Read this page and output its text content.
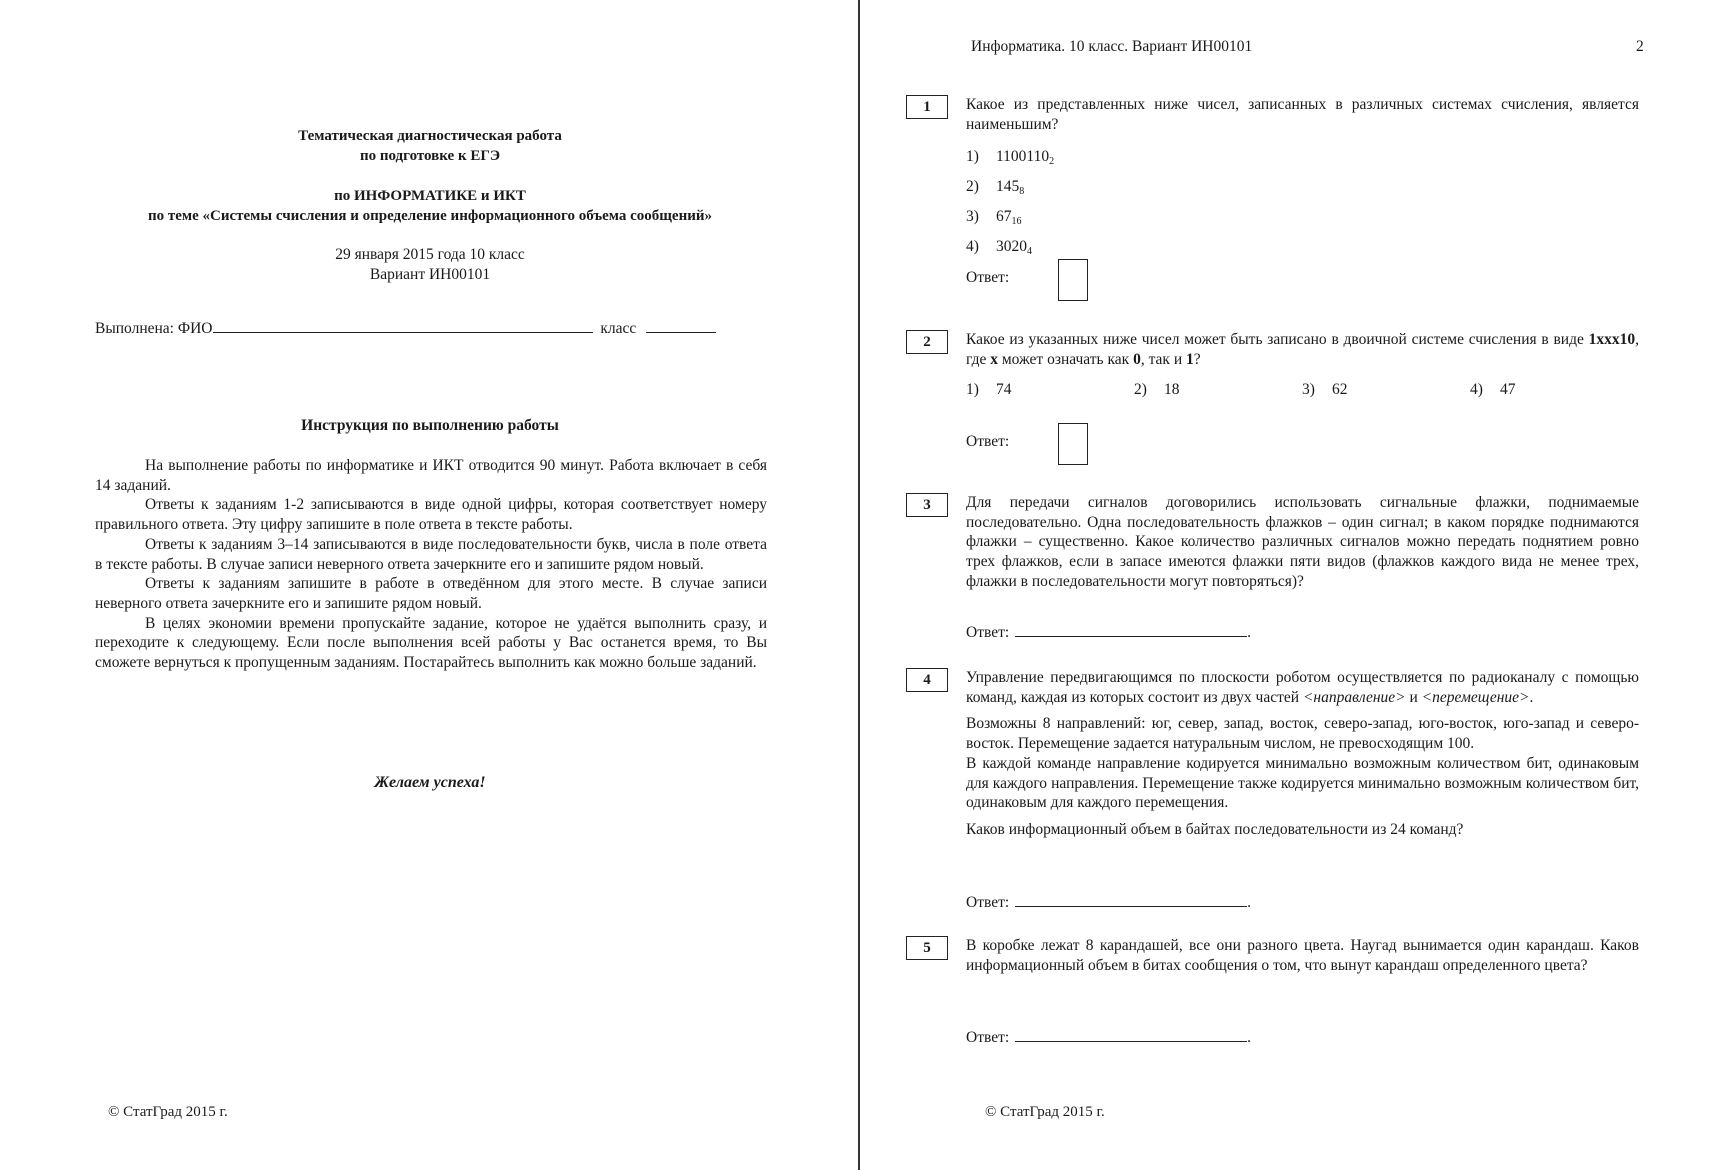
Тематическая диагностическая работа
по подготовке к ЕГЭ
по ИНФОРМАТИКЕ и ИКТ
по теме «Системы счисления и определение информационного объема сообщений»
29 января 2015 года 10 класс
Вариант ИН00101
Выполнена: ФИО	класс
Инструкция по выполнению работы

На выполнение работы по информатике и ИКТ отводится 90 минут. Работа включает в себя 14 заданий.

Ответы к заданиям 1-2 записываются в виде одной цифры, которая соответствует номеру правильного ответа. Эту цифру запишите в поле ответа в тексте работы.

Ответы к заданиям 3–14 записываются в виде последовательности букв, числа в поле ответа в тексте работы. В случае записи неверного ответа зачеркните его и запишите рядом новый.

Ответы к заданиям запишите в работе в отведённом для этого месте. В случае записи неверного ответа зачеркните его и запишите рядом новый.

В целях экономии времени пропускайте задание, которое не удаётся выполнить сразу, и переходите к следующему. Если после выполнения всей работы у Вас останется время, то Вы сможете вернуться к пропущенным заданиям. Постарайтесь выполнить как можно больше заданий.

Желаем успеха!
© СтатГрад 2015 г.
Информатика. 10 класс. Вариант ИН00101	2
1	Какое из представленных ниже чисел, записанных в различных системах счисления, является наименьшим?

1) $1100110_2$
2) $145_8$
3) $67_{16}$
4) $3020_4$
Ответ:
2	Какое из указанных ниже чисел может быть записано в двоичной системе счисления в виде 1xxx10, где x может означать как 0, так и 1?

1) 74	2) 18	3) 62	4) 47
Ответ:
3	Для передачи сигналов договорились использовать сигнальные флажки, поднимаемые последовательно. Одна последовательность флажков – один сигнал; в каком порядке поднимаются флажки – существенно. Какое количество различных сигналов можно передать поднятием ровно трех флажков, если в запасе имеются флажки пяти видов (флажков каждого вида не менее трех, флажки в последовательности могут повторяться)?

Ответ:	.
4	Управление передвигающимся по плоскости роботом осуществляется по радиоканалу с помощью команд, каждая из которых состоит из двух частей <направление> и <перемещение>.

Возможны 8 направлений: юг, север, запад, восток, северо-запад, юго-восток, юго-запад и северо-восток. Перемещение задается натуральным числом, не превосходящим 100.

В каждой команде направление кодируется минимально возможным количеством бит, одинаковым для каждого направления. Перемещение также кодируется минимально возможным количеством бит, одинаковым для каждого перемещения.

Каков информационный объем в байтах последовательности из 24 команд?

Ответ:	.
5	В коробке лежат 8 карандашей, все они разного цвета. Наугад вынимается один карандаш. Каков информационный объем в битах сообщения о том, что вынут карандаш определенного цвета?

Ответ:	.
© СтатГрад 2015 г.
